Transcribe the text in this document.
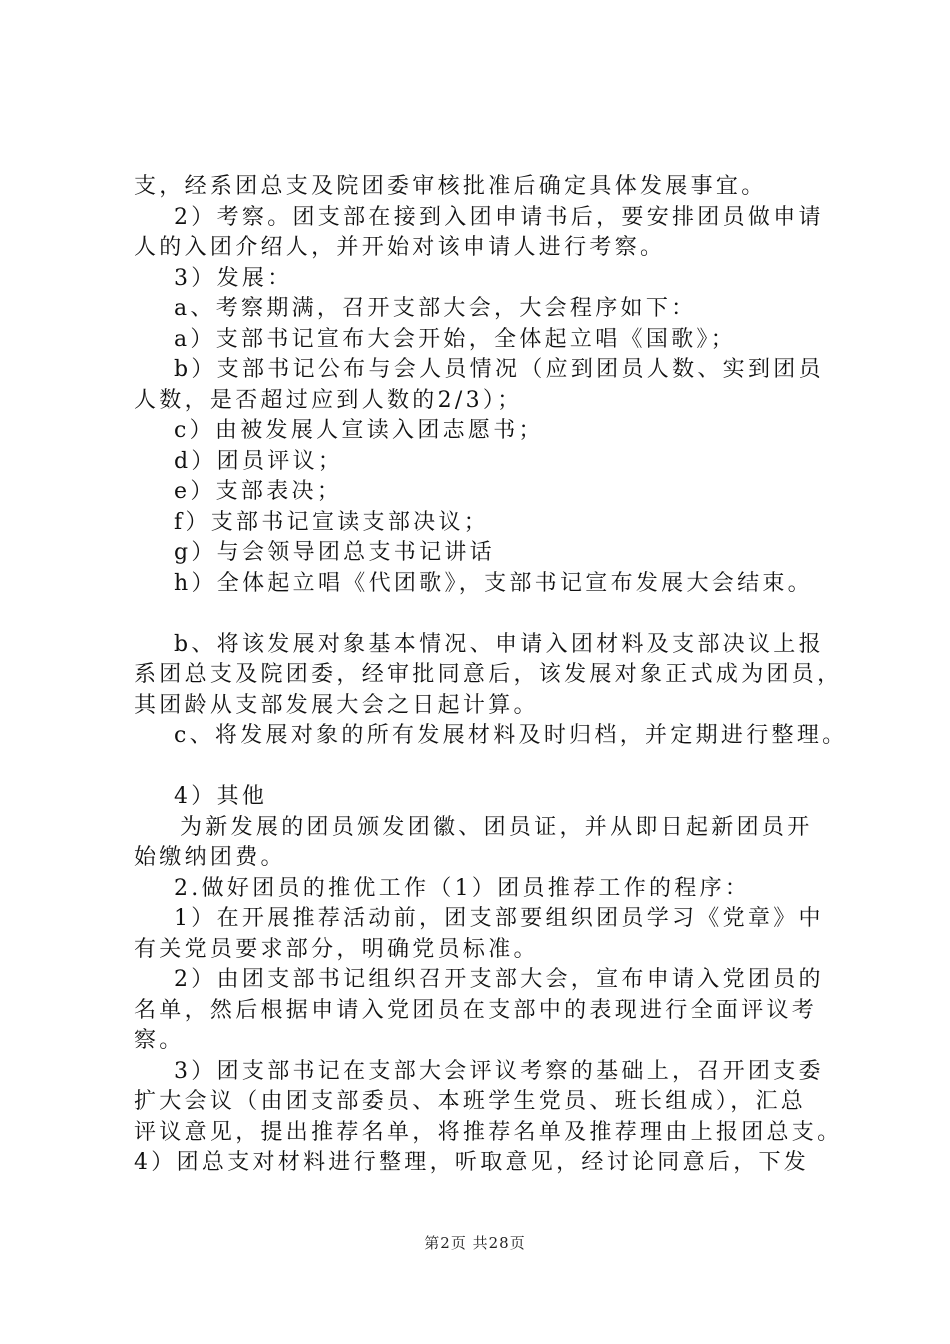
支，经系团总支及院团委审核批准后确定具体发展事宜。
2）考察。团支部在接到入团申请书后，要安排团员做申请
人的入团介绍人，并开始对该申请人进行考察。
3）发展：
a、考察期满，召开支部大会，大会程序如下：
a）支部书记宣布大会开始，全体起立唱《国歌》；
b）支部书记公布与会人员情况（应到团员人数、实到团员
人数，是否超过应到人数的2/3）；
c）由被发展人宣读入团志愿书；
d）团员评议；
e）支部表决；
f）支部书记宣读支部决议；
g）与会领导团总支书记讲话
h）全体起立唱《代团歌》，支部书记宣布发展大会结束。
b、将该发展对象基本情况、申请入团材料及支部决议上报
系团总支及院团委，经审批同意后，该发展对象正式成为团员，
其团龄从支部发展大会之日起计算。
c、将发展对象的所有发展材料及时归档，并定期进行整理。
4）其他
为新发展的团员颁发团徽、团员证，并从即日起新团员开
始缴纳团费。
2.做好团员的推优工作（1）团员推荐工作的程序：
1）在开展推荐活动前，团支部要组织团员学习《党章》中
有关党员要求部分，明确党员标准。
2）由团支部书记组织召开支部大会，宣布申请入党团员的
名单，然后根据申请入党团员在支部中的表现进行全面评议考
察。
3）团支部书记在支部大会评议考察的基础上，召开团支委
扩大会议（由团支部委员、本班学生党员、班长组成），汇总
评议意见，提出推荐名单，将推荐名单及推荐理由上报团总支。
4）团总支对材料进行整理，听取意见，经讨论同意后，下发
第2页 共28页
